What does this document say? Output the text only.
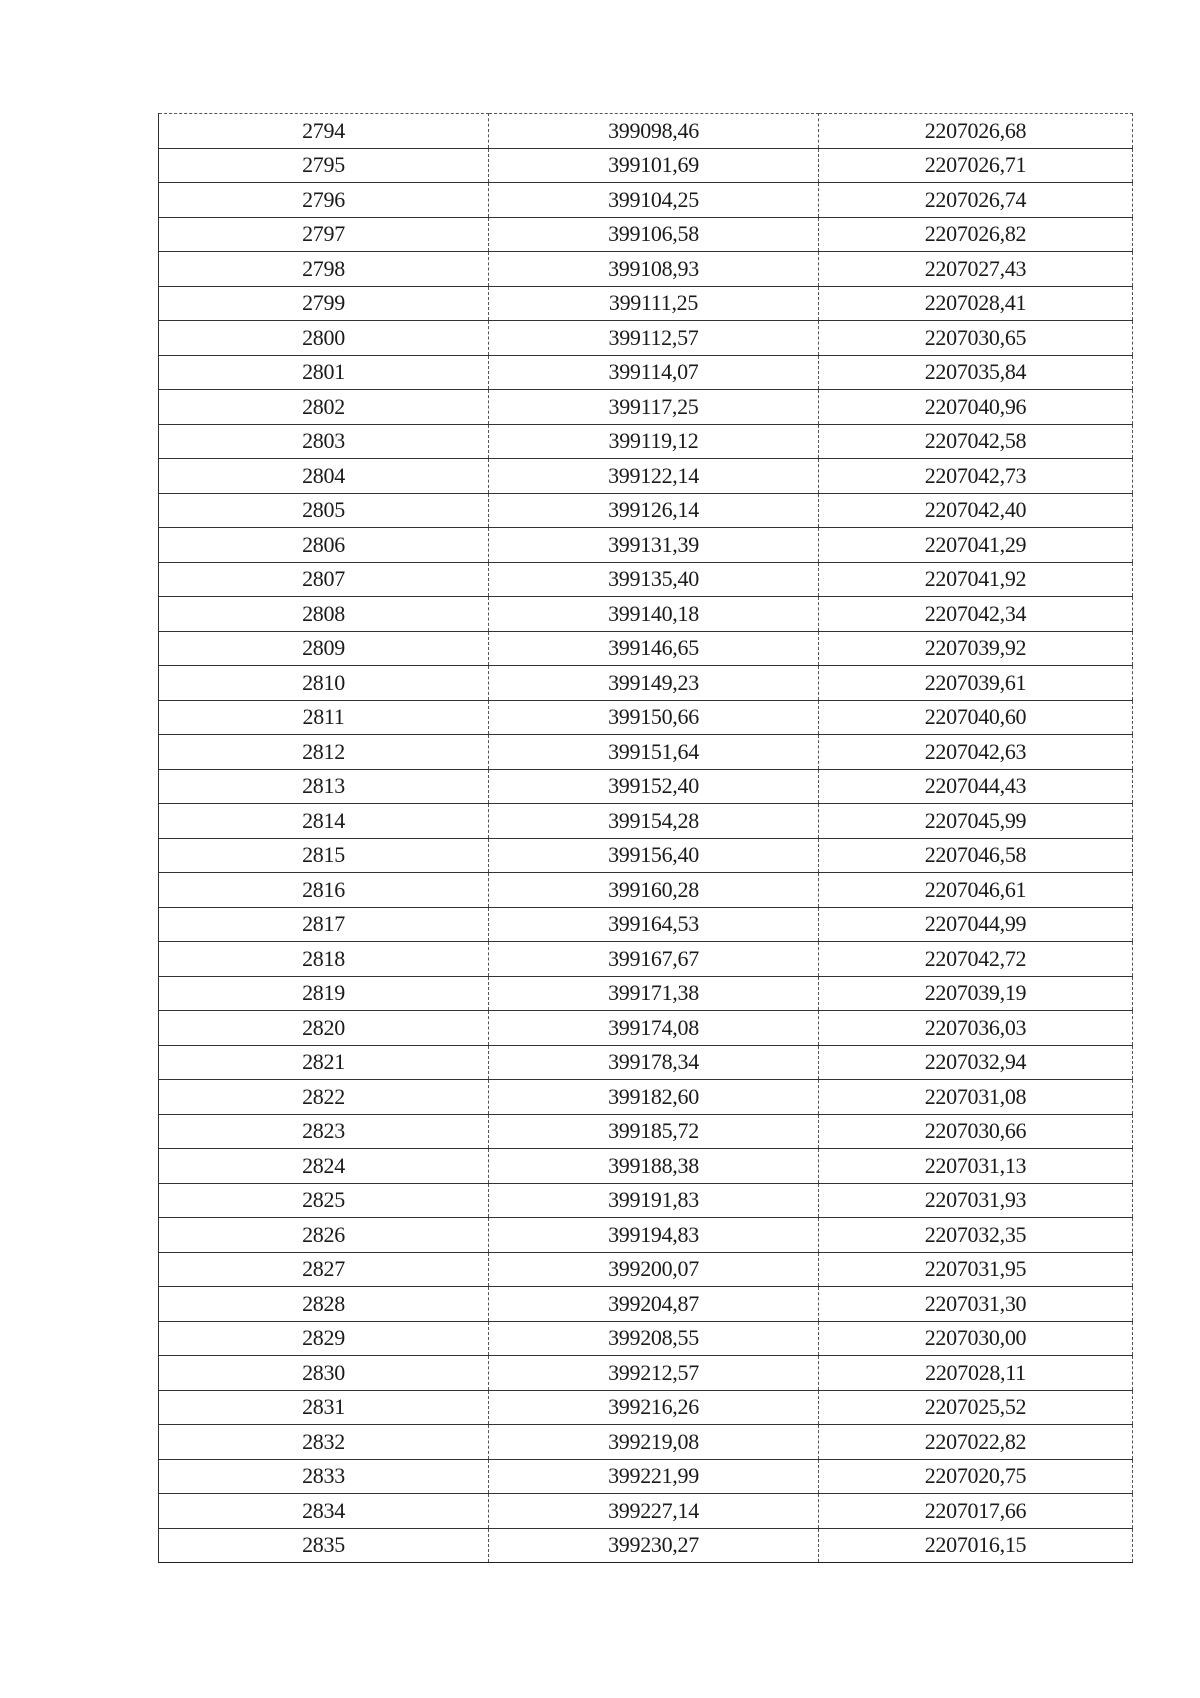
2794	399098,46	2207026,68
2795	399101,69	2207026,71
2796	399104,25	2207026,74
2797	399106,58	2207026,82
2798	399108,93	2207027,43
2799	399111,25	2207028,41
2800	399112,57	2207030,65
2801	399114,07	2207035,84
2802	399117,25	2207040,96
2803	399119,12	2207042,58
2804	399122,14	2207042,73
2805	399126,14	2207042,40
2806	399131,39	2207041,29
2807	399135,40	2207041,92
2808	399140,18	2207042,34
2809	399146,65	2207039,92
2810	399149,23	2207039,61
2811	399150,66	2207040,60
2812	399151,64	2207042,63
2813	399152,40	2207044,43
2814	399154,28	2207045,99
2815	399156,40	2207046,58
2816	399160,28	2207046,61
2817	399164,53	2207044,99
2818	399167,67	2207042,72
2819	399171,38	2207039,19
2820	399174,08	2207036,03
2821	399178,34	2207032,94
2822	399182,60	2207031,08
2823	399185,72	2207030,66
2824	399188,38	2207031,13
2825	399191,83	2207031,93
2826	399194,83	2207032,35
2827	399200,07	2207031,95
2828	399204,87	2207031,30
2829	399208,55	2207030,00
2830	399212,57	2207028,11
2831	399216,26	2207025,52
2832	399219,08	2207022,82
2833	399221,99	2207020,75
2834	399227,14	2207017,66
2835	399230,27	2207016,15
